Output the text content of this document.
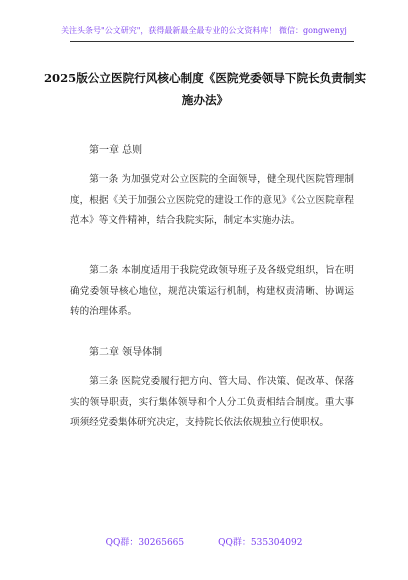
关注头条号"公文研究"，获得最新最全最专业的公文资料库！ 微信：gongwenyj
2025版公立医院行风核心制度《医院党委领导下院长负责制实施办法》
第一章 总则
第一条 为加强党对公立医院的全面领导，健全现代医院管理制度，根据《关于加强公立医院党的建设工作的意见》《公立医院章程范本》等文件精神，结合我院实际，制定本实施办法。
第二条 本制度适用于我院党政领导班子及各级党组织，旨在明确党委领导核心地位，规范决策运行机制，构建权责清晰、协调运转的治理体系。
第二章 领导体制
第三条 医院党委履行把方向、管大局、作决策、促改革、保落实的领导职责，实行集体领导和个人分工负责相结合制度。重大事项须经党委集体研究决定，支持院长依法依规独立行使职权。
QQ群：30265665	QQ群：535304092
